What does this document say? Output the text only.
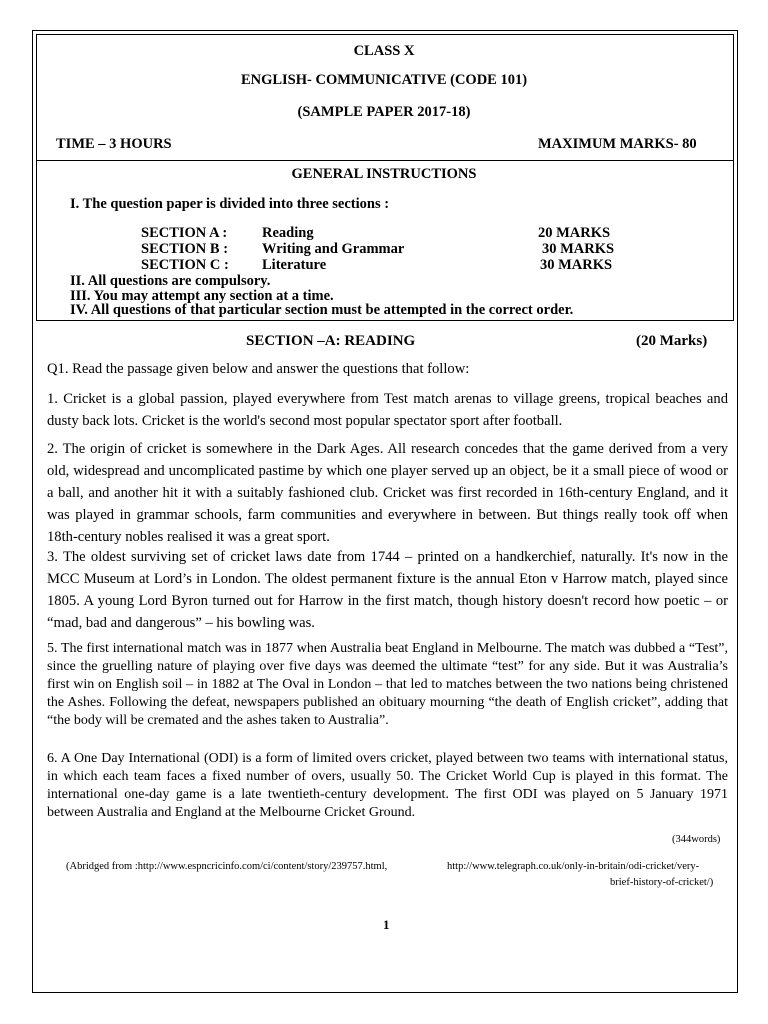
CLASS X
ENGLISH- COMMUNICATIVE (CODE 101)
(SAMPLE PAPER 2017-18)
TIME – 3 HOURS	MAXIMUM MARKS- 80
GENERAL INSTRUCTIONS
I. The question paper is divided into three sections :
SECTION A : Reading	20 MARKS
SECTION B : Writing and Grammar	30 MARKS
SECTION C : Literature	30 MARKS
II. All questions are compulsory.
III. You may attempt any section at a time.
IV. All questions of that particular section must be attempted in the correct order.
SECTION –A: READING	(20 Marks)
Q1. Read the passage given below and answer the questions that follow:
1. Cricket is a global passion, played everywhere from Test match arenas to village greens, tropical beaches and dusty back lots. Cricket is the world's second most popular spectator sport after football.
2. The origin of cricket is somewhere in the Dark Ages. All research concedes that the game derived from a very old, widespread and uncomplicated pastime by which one player served up an object, be it a small piece of wood or a ball, and another hit it with a suitably fashioned club. Cricket was first recorded in 16th-century England, and it was played in grammar schools, farm communities and everywhere in between. But things really took off when 18th-century nobles realised it was a great sport.
3. The oldest surviving set of cricket laws date from 1744 – printed on a handkerchief, naturally. It's now in the MCC Museum at Lord’s in London. The oldest permanent fixture is the annual Eton v Harrow match, played since 1805. A young Lord Byron turned out for Harrow in the first match, though history doesn't record how poetic – or “mad, bad and dangerous” – his bowling was.
5. The first international match was in 1877 when Australia beat England in Melbourne. The match was dubbed a “Test”, since the gruelling nature of playing over five days was deemed the ultimate “test” for any side. But it was Australia’s first win on English soil – in 1882 at The Oval in London – that led to matches between the two nations being christened the Ashes. Following the defeat, newspapers published an obituary mourning “the death of English cricket”, adding that “the body will be cremated and the ashes taken to Australia”.
6. A One Day International (ODI) is a form of limited overs cricket, played between two teams with international status, in which each team faces a fixed number of overs, usually 50. The Cricket World Cup is played in this format. The international one-day game is a late twentieth-century development. The first ODI was played on 5 January 1971 between Australia and England at the Melbourne Cricket Ground.
(344words)
(Abridged from :http://www.espncricinfo.com/ci/content/story/239757.html,	http://www.telegraph.co.uk/only-in-britain/odi-cricket/very-
brief-history-of-cricket/)
1
